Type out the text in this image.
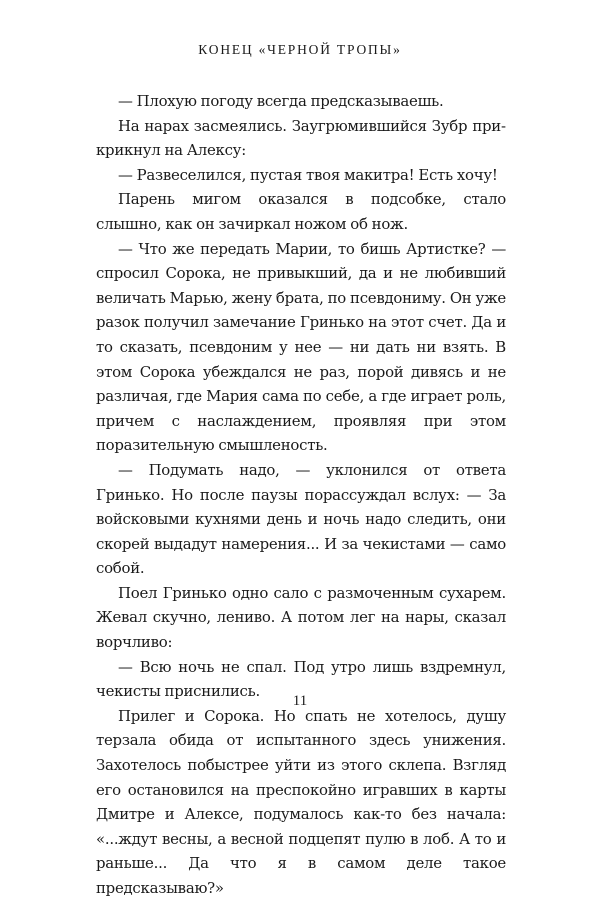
КОНЕЦ «ЧЕРНОЙ ТРОПЫ»

— Плохую погоду всегда предсказываешь.

На нарах засмеялись. Заугрюмившийся Зубр прикрикнул на Алексу:

— Развеселился, пустая твоя макитра! Есть хочу!

Парень мигом оказался в подсобке, стало слышно, как он зачиркал ножом об нож.

— Что же передать Марии, то бишь Артистке? — спросил Сорока, не привыкший, да и не любивший величать Марью, жену брата, по псевдониму. Он уже разок получил замечание Гринько на этот счет. Да и то сказать, псевдоним у нее — ни дать ни взять. В этом Сорока убеждался не раз, порой дивясь и не различая, где Мария сама по себе, а где играет роль, причем с наслаждением, проявляя при этом поразительную смышленость.

— Подумать надо, — уклонился от ответа Гринько. Но после паузы порассуждал вслух: — За войсковыми кухнями день и ночь надо следить, они скорей выдадут намерения... И за чекистами — само собой.

Поел Гринько одно сало с размоченным сухарем. Жевал скучно, лениво. А потом лег на нары, сказал ворчливо:

— Всю ночь не спал. Под утро лишь вздремнул, чекисты приснились.

Прилег и Сорока. Но спать не хотелось, душу терзала обида от испытанного здесь унижения. Захотелось побыстрее уйти из этого склепа. Взгляд его остановился на преспокойно игравших в карты Дмитре и Алексе, подумалось как-то без начала: «...ждут весны, а весной подцепят пулю в лоб. А то и раньше... Да что я в самом деле такое предсказываю?»

11
